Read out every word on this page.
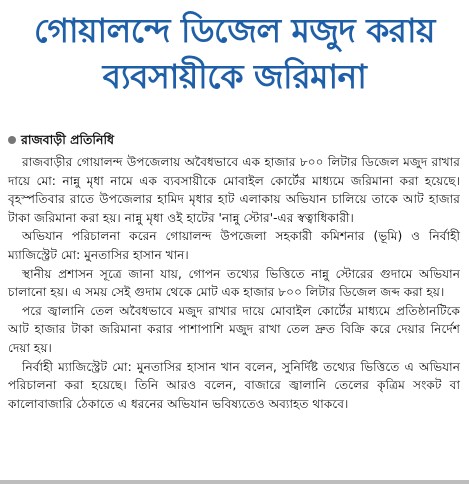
গোয়ালন্দে ডিজেল মজুদ করায়
ব্যবসায়ীকে জরিমানা
রাজবাড়ী প্রতিনিধি

রাজবাড়ীর গোয়ালন্দ উপজেলায় অবৈধভাবে এক হাজার ৮০০ লিটার ডিজেল মজুদ রাখার দায়ে মো: নান্নু মৃধা নামে এক ব্যবসায়ীকে মোবাইল কোর্টের মাধ্যমে জরিমানা করা হয়েছে। বৃহস্পতিবার রাতে উপজেলার হামিদ মৃধার হাট এলাকায় অভিযান চালিয়ে তাকে আট হাজার টাকা জরিমানা করা হয়। নান্নু মৃধা ওই হাটের 'নান্নু স্টোর'-এর স্বত্বাধিকারী।

অভিযান পরিচালনা করেন গোয়ালন্দ উপজেলা সহকারী কমিশনার (ভূমি) ও নির্বাহী ম্যাজিস্ট্রেট মো: মুনতাসির হাসান খান।

স্থানীয় প্রশাসন সূত্রে জানা যায়, গোপন তথ্যের ভিত্তিতে নান্নু স্টোরের গুদামে অভিযান চালানো হয়। এ সময় সেই গুদাম থেকে মোট এক হাজার ৮০০ লিটার ডিজেল জব্দ করা হয়।

পরে জ্বালানি তেল অবৈধভাবে মজুদ রাখার দায়ে মোবাইল কোর্টের মাধ্যমে প্রতিষ্ঠানটিকে আট হাজার টাকা জরিমানা করার পাশাপাশি মজুদ রাখা তেল দ্রুত বিক্রি করে দেয়ার নির্দেশ দেয়া হয়।

নির্বাহী ম্যাজিস্ট্রেট মো: মুনতাসির হাসান খান বলেন, সুনির্দিষ্ট তথ্যের ভিত্তিতে এ অভিযান পরিচালনা করা হয়েছে। তিনি আরও বলেন, বাজারে জ্বালানি তেলের কৃত্রিম সংকট বা কালোবাজারি ঠেকাতে এ ধরনের অভিযান ভবিষ্যতেও অব্যাহত থাকবে।
